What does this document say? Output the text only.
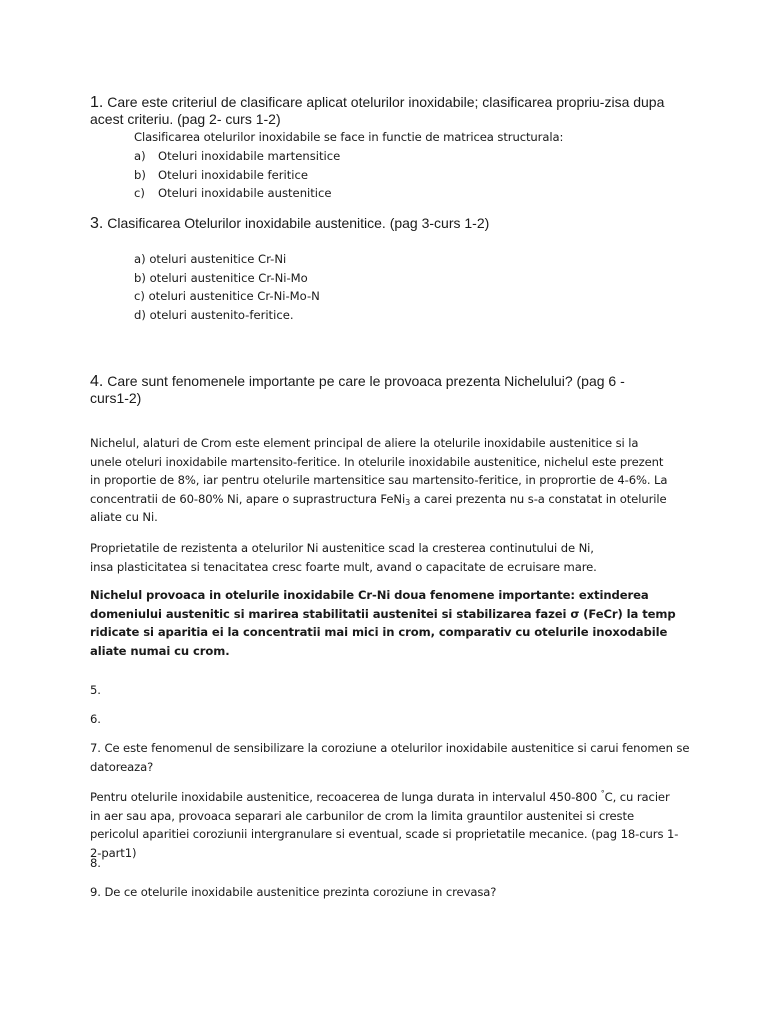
1. Care este criteriul de clasificare aplicat otelurilor inoxidabile; clasificarea propriu-zisa dupa acest criteriu. (pag 2- curs 1-2)
Clasificarea otelurilor inoxidabile se face in functie de matricea structurala:
a) Oteluri inoxidabile martensitice
b) Oteluri inoxidabile feritice
c) Oteluri inoxidabile austenitice
3. Clasificarea Otelurilor inoxidabile austenitice. (pag 3-curs 1-2)
a) oteluri austenitice Cr-Ni
b) oteluri austenitice Cr-Ni-Mo
c) oteluri austenitice Cr-Ni-Mo-N
d) oteluri austenito-feritice.
4. Care sunt fenomenele importante pe care le provoaca prezenta Nichelului? (pag 6 - curs1-2)
Nichelul, alaturi de Crom este element principal de aliere la otelurile inoxidabile austenitice si la unele oteluri inoxidabile martensito-feritice. In otelurile inoxidabile austenitice, nichelul este prezent in proportie de 8%, iar pentru otelurile martensitice sau martensito-feritice, in proprortie de 4-6%. La concentratii de 60-80% Ni, apare o suprastructura FeNi$_3$ a carei prezenta nu s-a constatat in otelurile aliate cu Ni.
Proprietatile de rezistenta a otelurilor Ni austenitice scad la cresterea continutului de Ni, insa plasticitatea si tenacitatea cresc foarte mult, avand o capacitate de ecruisare mare.
Nichelul provoaca in otelurile inoxidabile Cr-Ni doua fenomene importante: extinderea domeniului austenitic si marirea stabilitatii austenitei si stabilizarea fazei σ (FeCr) la temp ridicate si aparitia ei la concentratii mai mici in crom, comparativ cu otelurile inoxodabile aliate numai cu crom.
5.
6.
7. Ce este fenomenul de sensibilizare la coroziune a otelurilor inoxidabile austenitice si carui fenomen se datoreaza?
Pentru otelurile inoxidabile austenitice, recoacerea de lunga durata in intervalul 450-800 °C, cu racier in aer sau apa, provoaca separari ale carbunilor de crom la limita grauntilor austenitei si creste pericolul aparitiei coroziunii intergranulare si eventual, scade si proprietatile mecanice. (pag 18-curs 1-2-part1)
8.
9. De ce otelurile inoxidabile austenitice prezinta coroziune in crevasa?
